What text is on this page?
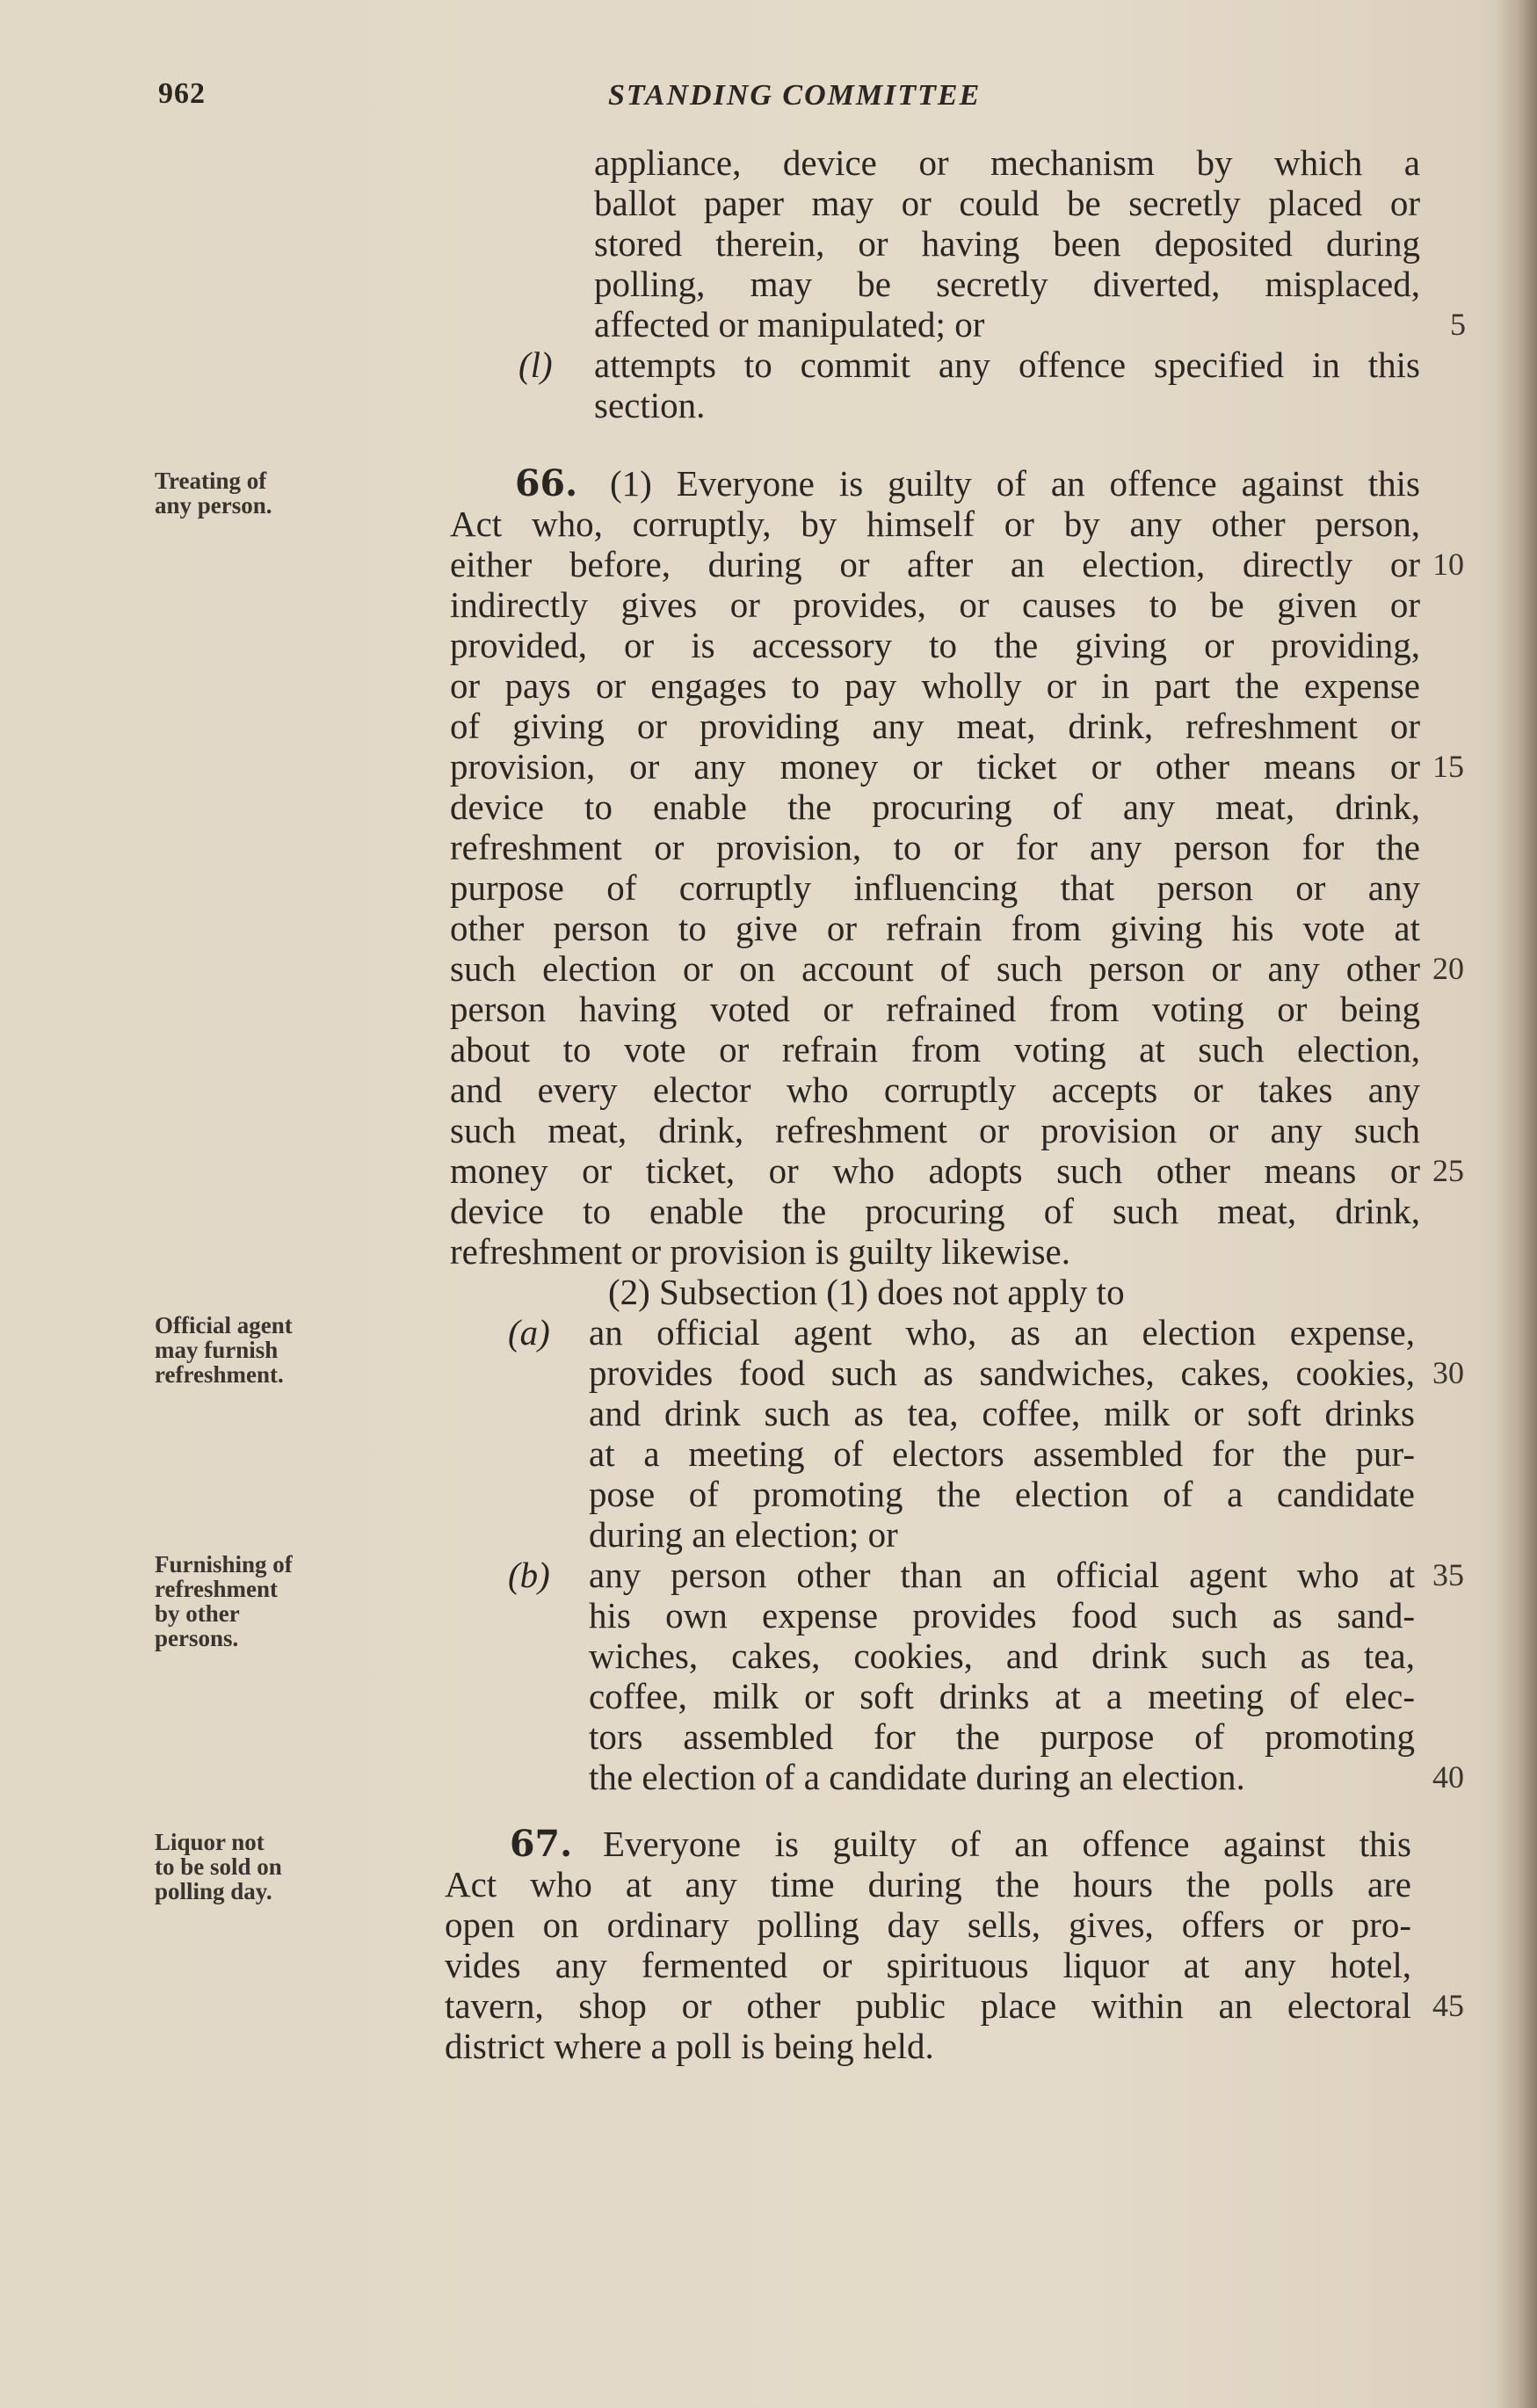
962	STANDING COMMITTEE
Treating of
any person.
Official agent
may furnish
refreshment.
Furnishing of
refreshment
by other
persons.
Liquor not
to be sold on
polling day.
appliance, device or mechanism by which a
ballot paper may or could be secretly placed or
stored therein, or having been deposited during
polling, may be secretly diverted, misplaced,
affected or manipulated; or
(l) attempts to commit any offence specified in this
section.
66. (1) Everyone is guilty of an offence against this
Act who, corruptly, by himself or by any other person,
either before, during or after an election, directly or
indirectly gives or provides, or causes to be given or
provided, or is accessory to the giving or providing,
or pays or engages to pay wholly or in part the expense
of giving or providing any meat, drink, refreshment or
provision, or any money or ticket or other means or
device to enable the procuring of any meat, drink,
refreshment or provision, to or for any person for the
purpose of corruptly influencing that person or any
other person to give or refrain from giving his vote at
such election or on account of such person or any other
person having voted or refrained from voting or being
about to vote or refrain from voting at such election,
and every elector who corruptly accepts or takes any
such meat, drink, refreshment or provision or any such
money or ticket, or who adopts such other means or
device to enable the procuring of such meat, drink,
refreshment or provision is guilty likewise.
(2) Subsection (1) does not apply to
(a) an official agent who, as an election expense,
provides food such as sandwiches, cakes, cookies,
and drink such as tea, coffee, milk or soft drinks
at a meeting of electors assembled for the pur-
pose of promoting the election of a candidate
during an election; or
(b) any person other than an official agent who at
his own expense provides food such as sand-
wiches, cakes, cookies, and drink such as tea,
coffee, milk or soft drinks at a meeting of elec-
tors assembled for the purpose of promoting
the election of a candidate during an election.
67. Everyone is guilty of an offence against this
Act who at any time during the hours the polls are
open on ordinary polling day sells, gives, offers or pro-
vides any fermented or spirituous liquor at any hotel,
tavern, shop or other public place within an electoral
district where a poll is being held.
5
10
15
20
25
30
35
40
45
